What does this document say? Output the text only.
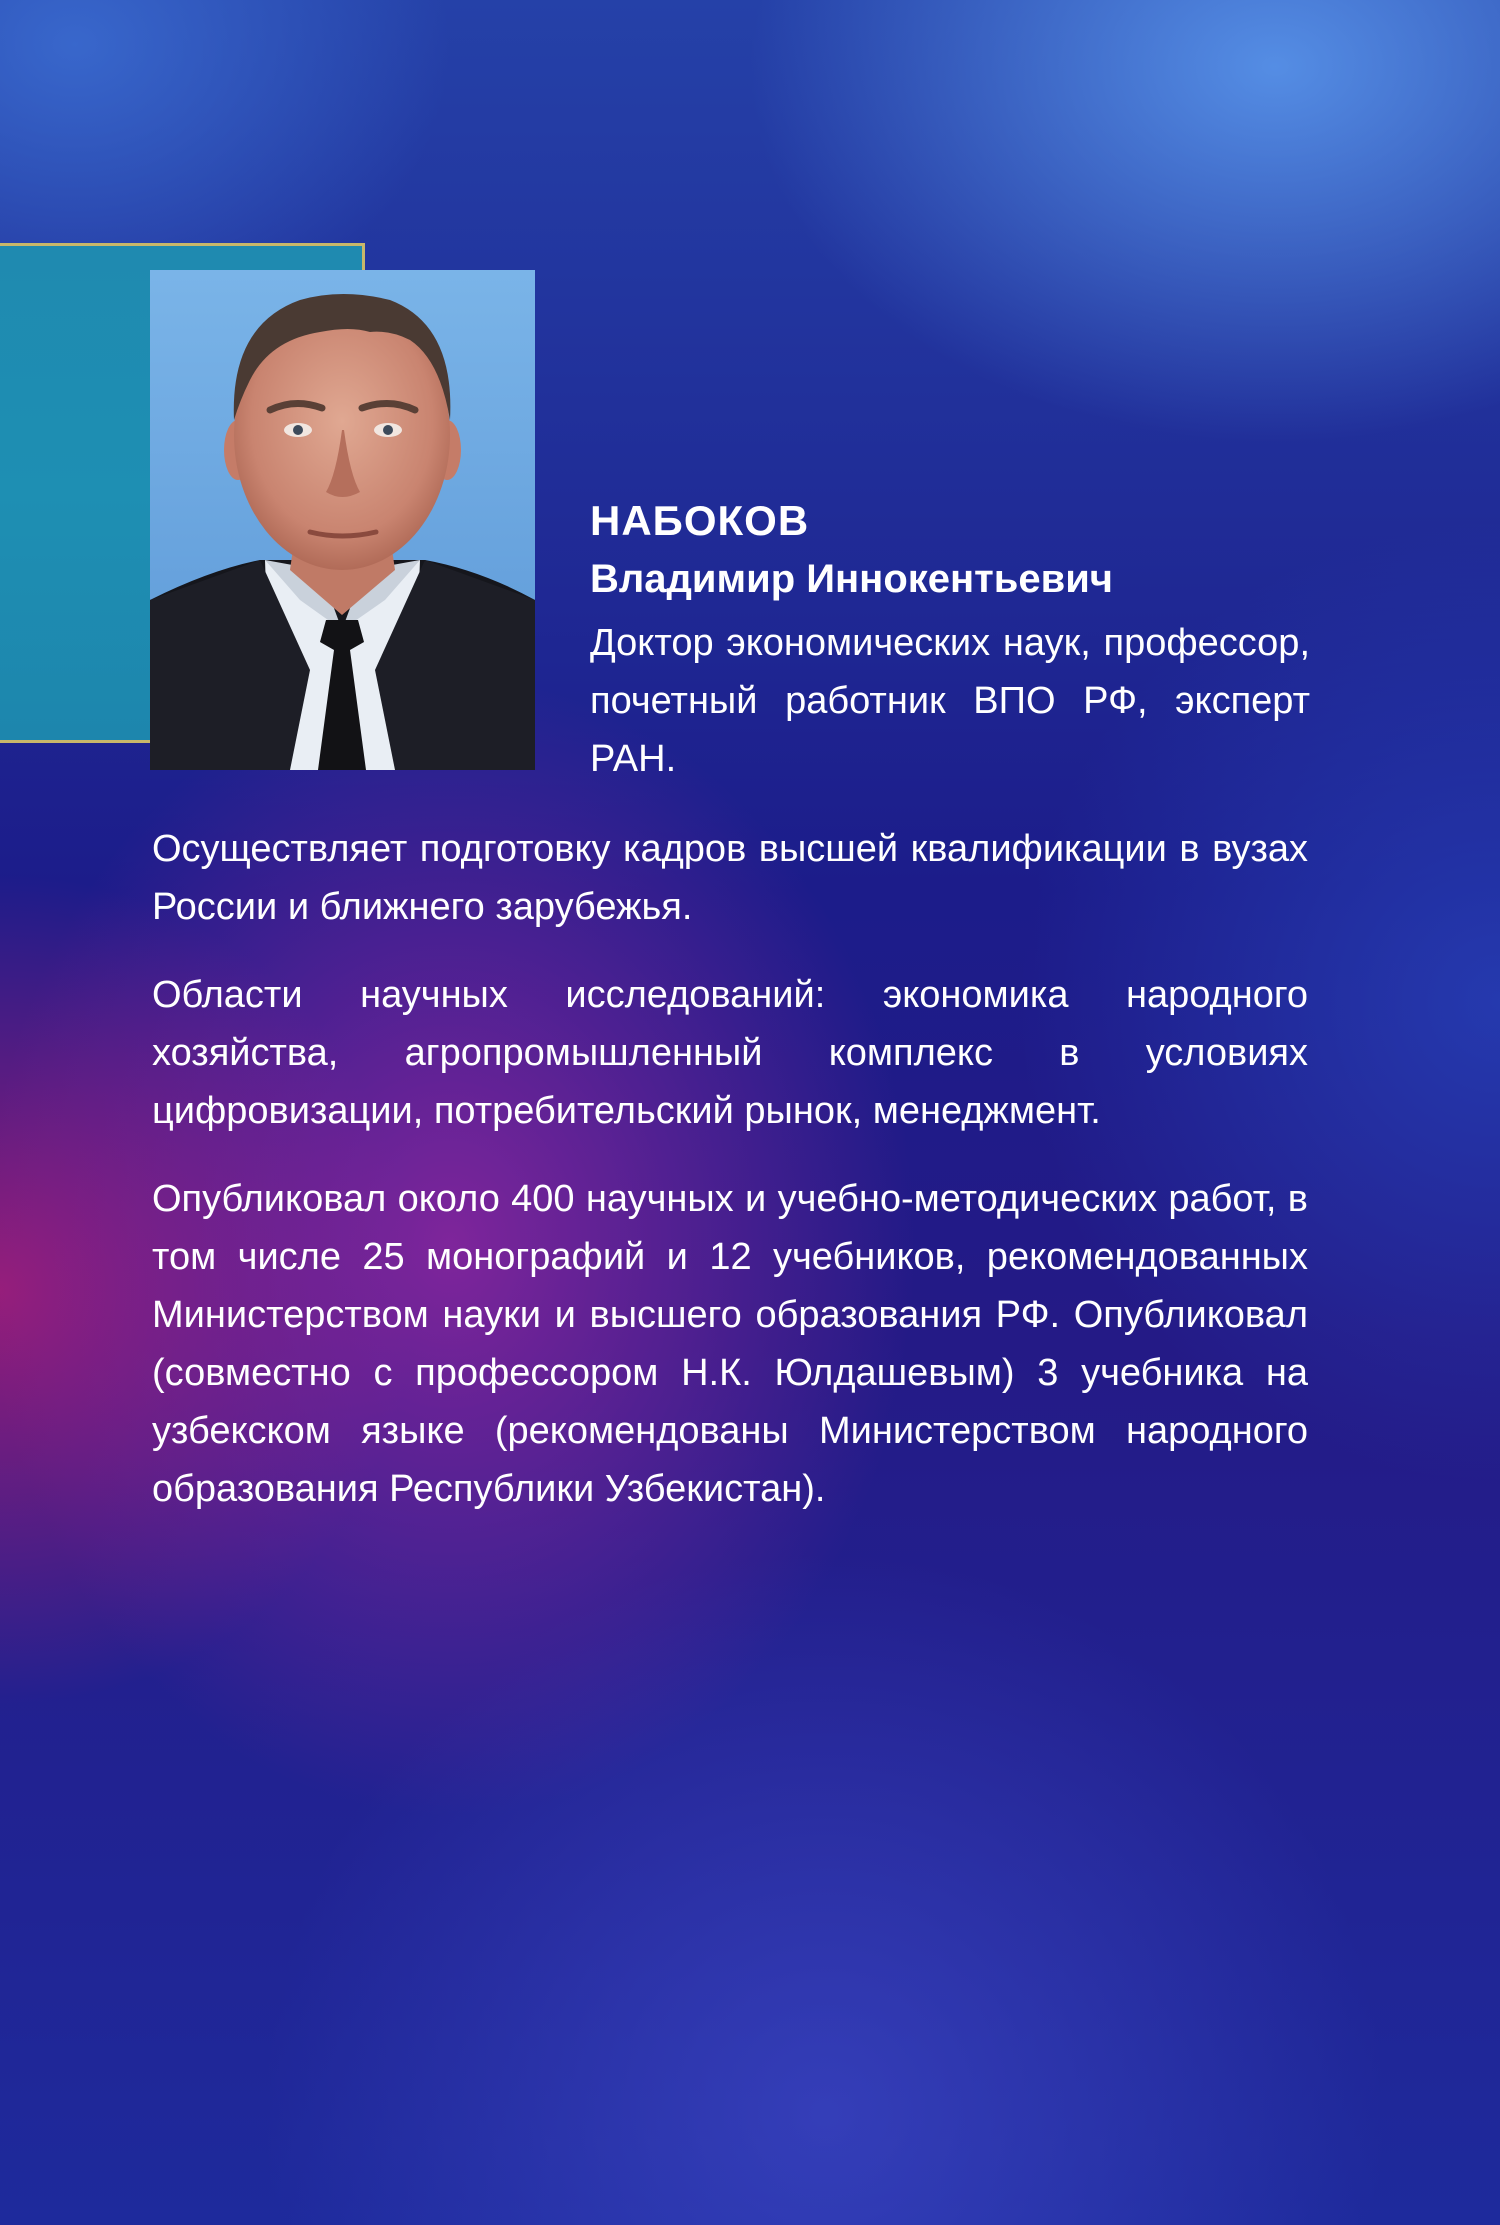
НАБОКОВ
Владимир Иннокентьевич
Доктор экономических наук, профессор, почетный работник ВПО РФ, эксперт РАН.

Осуществляет подготовку кадров высшей квалификации в вузах России и ближнего зарубежья.

Области научных исследований: экономика народного хозяйства, агропромышленный комплекс в условиях цифровизации, потребительский рынок, менеджмент.

Опубликовал около 400 научных и учебно-методических работ, в том числе 25 монографий и 12 учебников, рекомендованных Министерством науки и высшего образования РФ. Опубликовал (совместно с профессором Н.К. Юлдашевым) 3 учебника на узбекском языке (рекомендованы Министерством народного образования Республики Узбекистан).
